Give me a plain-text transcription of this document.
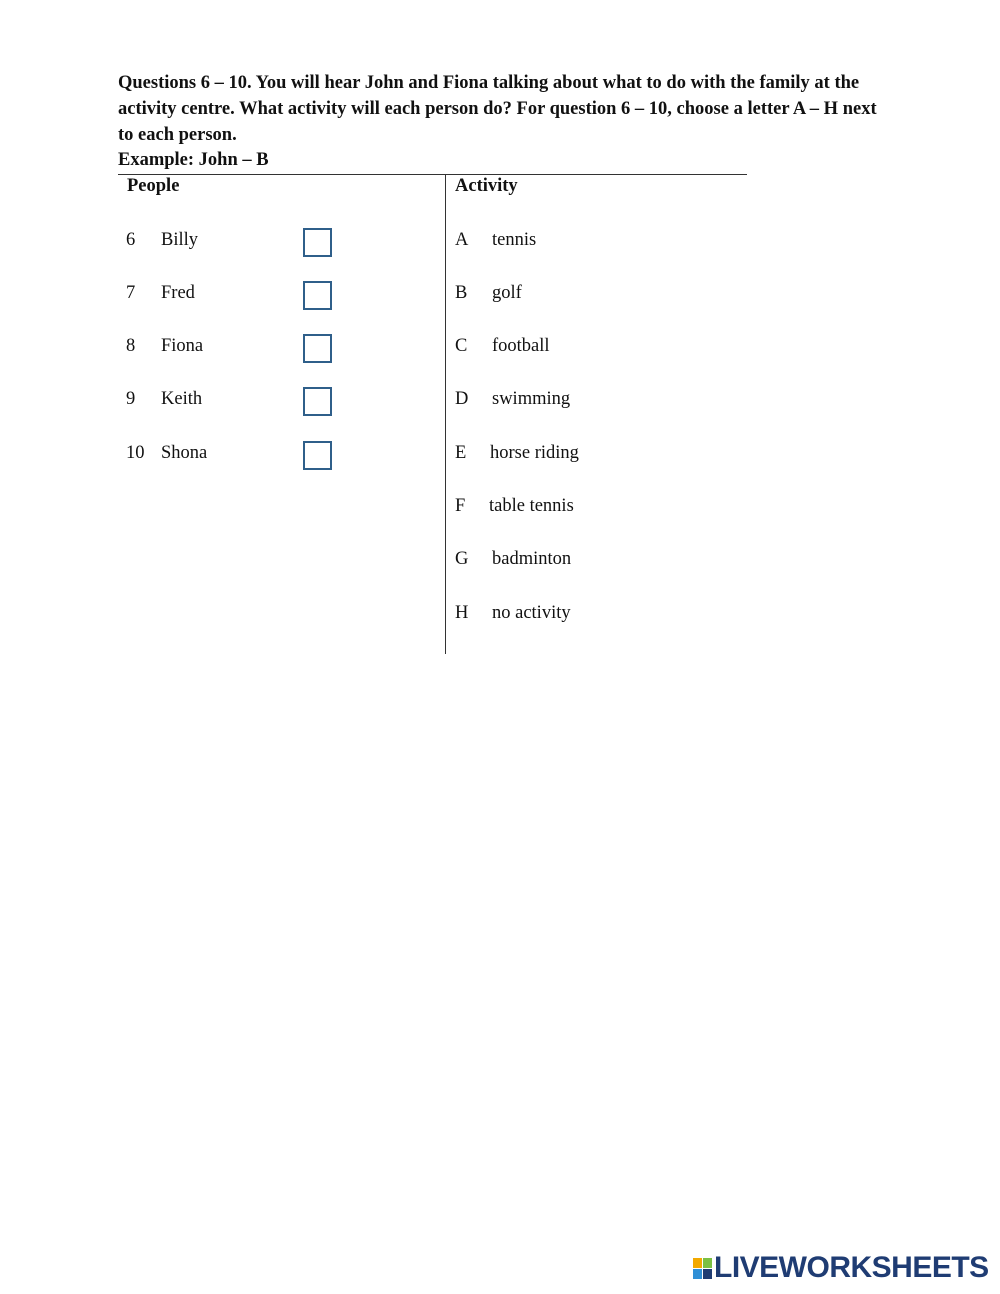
Questions 6 – 10. You will hear John and Fiona talking about what to do with the family at the activity centre. What activity will each person do? For question 6 – 10, choose a letter A – H next to each person.
Example: John – B
People	Activity
6 Billy
7 Fred
8 Fiona
9 Keith
10 Shona
A tennis
B golf
C football
D swimming
E horse riding
F table tennis
G badminton
H no activity
LIVEWORKSHEETS
